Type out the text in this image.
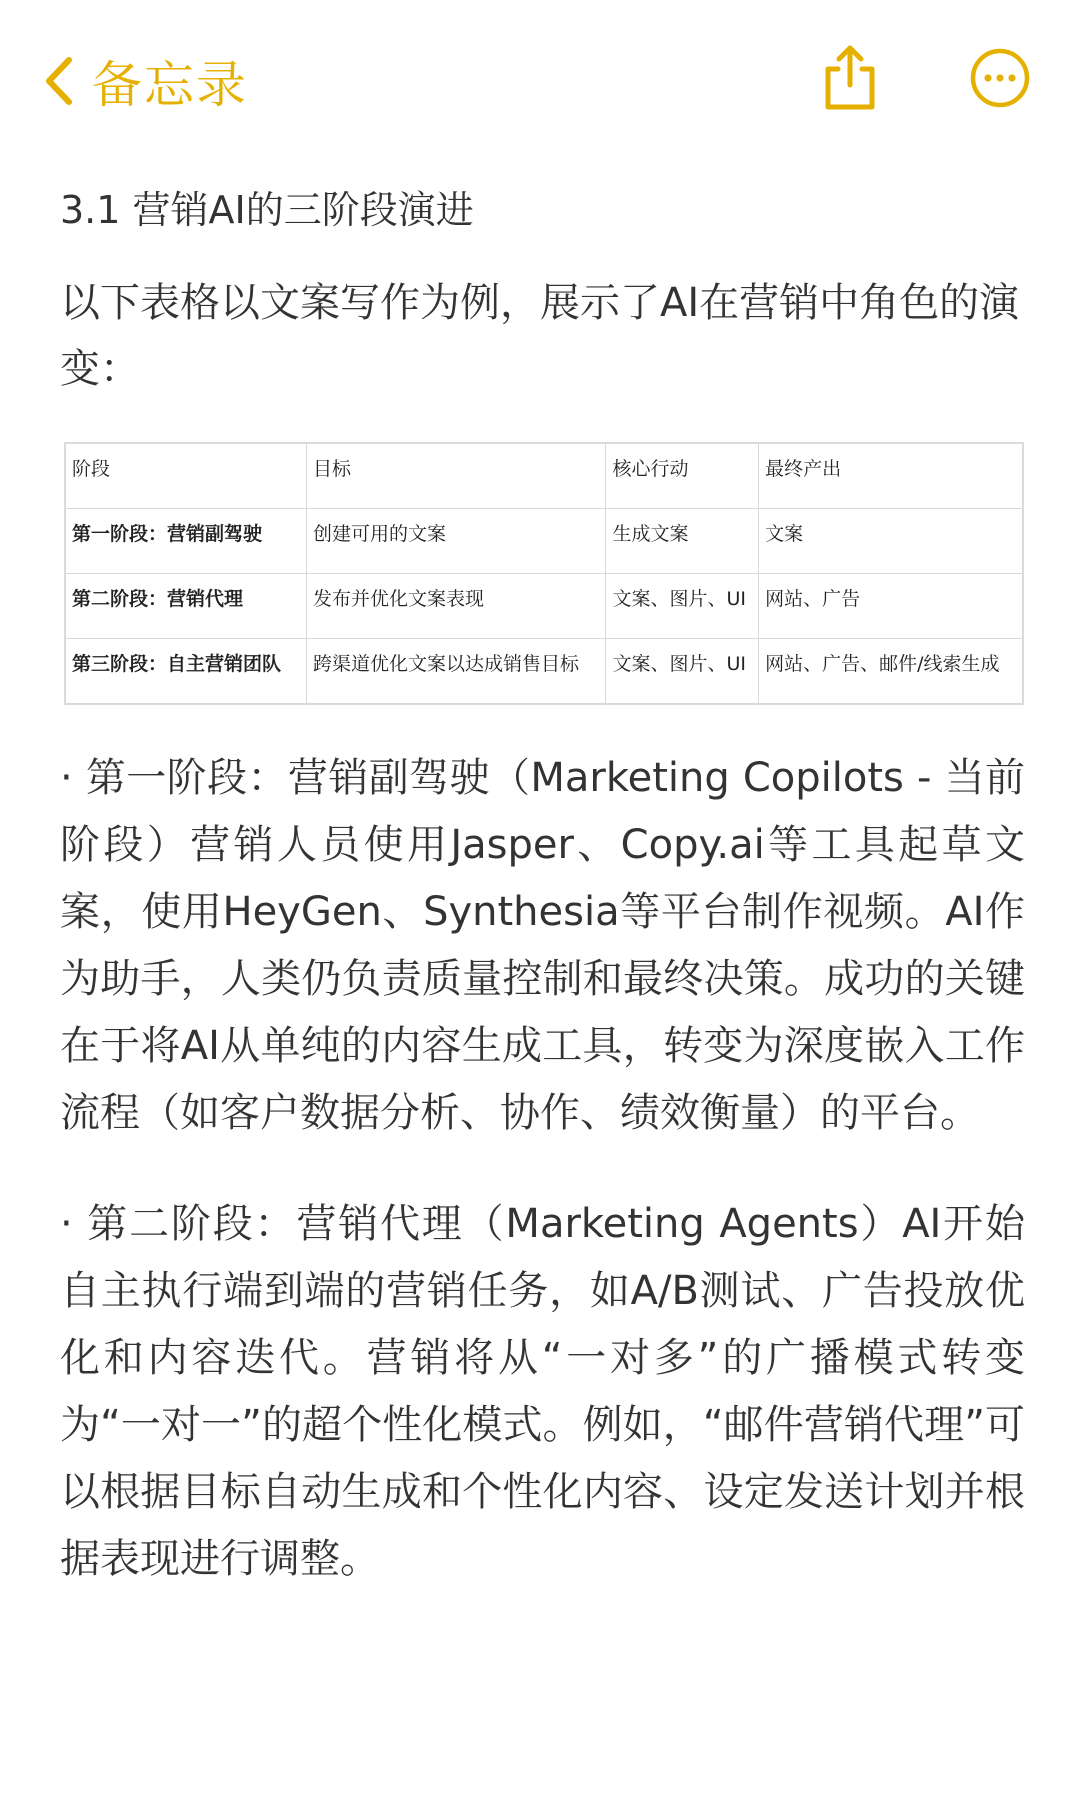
备忘录
3.1 营销AI的三阶段演进
以下表格以文案写作为例，展示了AI在营销中角色的演变：
阶段	目标	核心行动	最终产出
第一阶段：营销副驾驶	创建可用的文案	生成文案	文案
第二阶段：营销代理	发布并优化文案表现	文案、图片、UI	网站、广告
第三阶段：自主营销团队	跨渠道优化文案以达成销售目标	文案、图片、UI	网站、广告、邮件/线索生成
· 第一阶段：营销副驾驶（Marketing Copilots - 当前阶段）营销人员使用Jasper、Copy.ai等工具起草文案，使用HeyGen、Synthesia等平台制作视频。AI作为助手，人类仍负责质量控制和最终决策。成功的关键在于将AI从单纯的内容生成工具，转变为深度嵌入工作流程（如客户数据分析、协作、绩效衡量）的平台。
· 第二阶段：营销代理（Marketing Agents）AI开始自主执行端到端的营销任务，如A/B测试、广告投放优化和内容迭代。营销将从“一对多”的广播模式转变为“一对一”的超个性化模式。例如，“邮件营销代理”可以根据目标自动生成和个性化内容、设定发送计划并根据表现进行调整。
